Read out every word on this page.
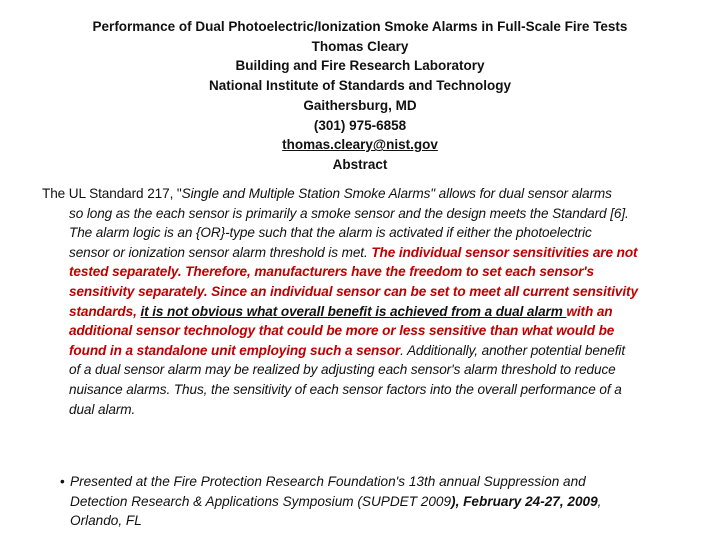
Performance of Dual Photoelectric/Ionization Smoke Alarms in Full-Scale Fire Tests
Thomas Cleary
Building and Fire Research Laboratory
National Institute of Standards and Technology
Gaithersburg, MD
(301) 975-6858
thomas.cleary@nist.gov
Abstract
The UL Standard 217, "Single and Multiple Station Smoke Alarms" allows for dual sensor alarms
so long as the each sensor is primarily a smoke sensor and the design meets the Standard [6].
The alarm logic is an {OR}-type such that the alarm is activated if either the photoelectric
sensor or ionization sensor alarm threshold is met. The individual sensor sensitivities are not
tested separately. Therefore, manufacturers have the freedom to set each sensor's
sensitivity separately. Since an individual sensor can be set to meet all current sensitivity
standards, it is not obvious what overall benefit is achieved from a dual alarm with an
additional sensor technology that could be more or less sensitive than what would be
found in a standalone unit employing such a sensor. Additionally, another potential benefit
of a dual sensor alarm may be realized by adjusting each sensor's alarm threshold to reduce
nuisance alarms. Thus, the sensitivity of each sensor factors into the overall performance of a
dual alarm.
• Presented at the Fire Protection Research Foundation's 13th annual Suppression and
Detection Research & Applications Symposium (SUPDET 2009), February 24-27, 2009,
Orlando, FL
